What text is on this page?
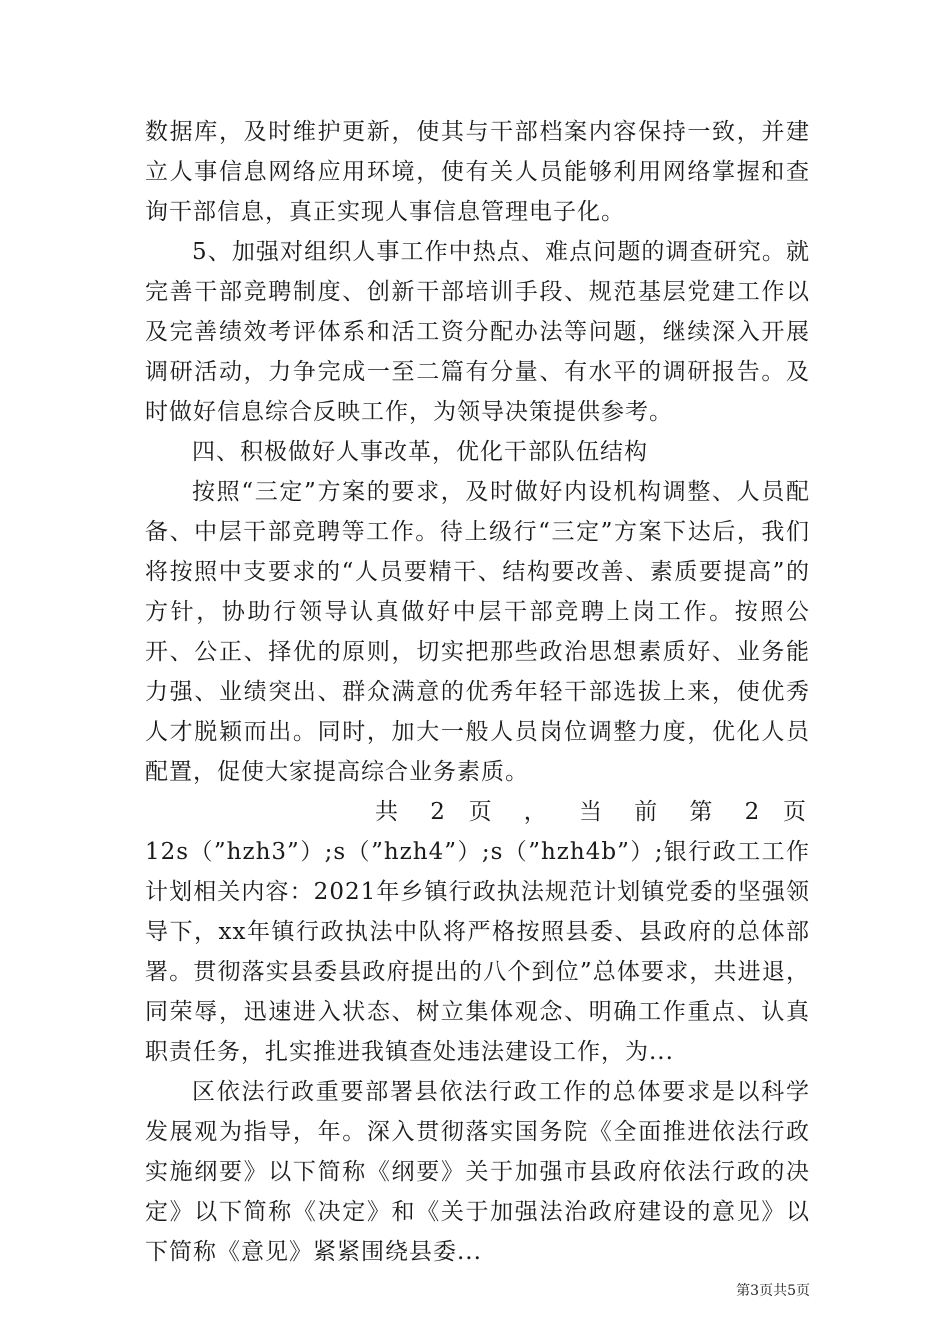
数据库，及时维护更新，使其与干部档案内容保持一致，并建立人事信息网络应用环境，使有关人员能够利用网络掌握和查询干部信息，真正实现人事信息管理电子化。

5、加强对组织人事工作中热点、难点问题的调查研究。就完善干部竞聘制度、创新干部培训手段、规范基层党建工作以及完善绩效考评体系和活工资分配办法等问题，继续深入开展调研活动，力争完成一至二篇有分量、有水平的调研报告。及时做好信息综合反映工作，为领导决策提供参考。

四、积极做好人事改革，优化干部队伍结构

按照“三定”方案的要求，及时做好内设机构调整、人员配备、中层干部竞聘等工作。待上级行“三定”方案下达后，我们将按照中支要求的“人员要精干、结构要改善、素质要提高”的方针，协助行领导认真做好中层干部竞聘上岗工作。按照公开、公正、择优的原则，切实把那些政治思想素质好、业务能力强、业绩突出、群众满意的优秀年轻干部选拔上来，使优秀人才脱颖而出。同时，加大一般人员岗位调整力度，优化人员配置，促使大家提高综合业务素质。

共 2 页 ， 当 前 第 2 页

12s（”hzh3”）;s（”hzh4”）;s（”hzh4b”）;银行政工工作计划相关内容：2021年乡镇行政执法规范计划镇党委的坚强领导下，xx年镇行政执法中队将严格按照县委、县政府的总体部署。贯彻落实县委县政府提出的八个到位”总体要求，共进退，同荣辱，迅速进入状态、树立集体观念、明确工作重点、认真职责任务，扎实推进我镇查处违法建设工作，为...

区依法行政重要部署县依法行政工作的总体要求是以科学发展观为指导，年。深入贯彻落实国务院《全面推进依法行政实施纲要》以下简称《纲要》关于加强市县政府依法行政的决定》以下简称《决定》和《关于加强法治政府建设的意见》以下简称《意见》紧紧围绕县委...

第3页共5页
